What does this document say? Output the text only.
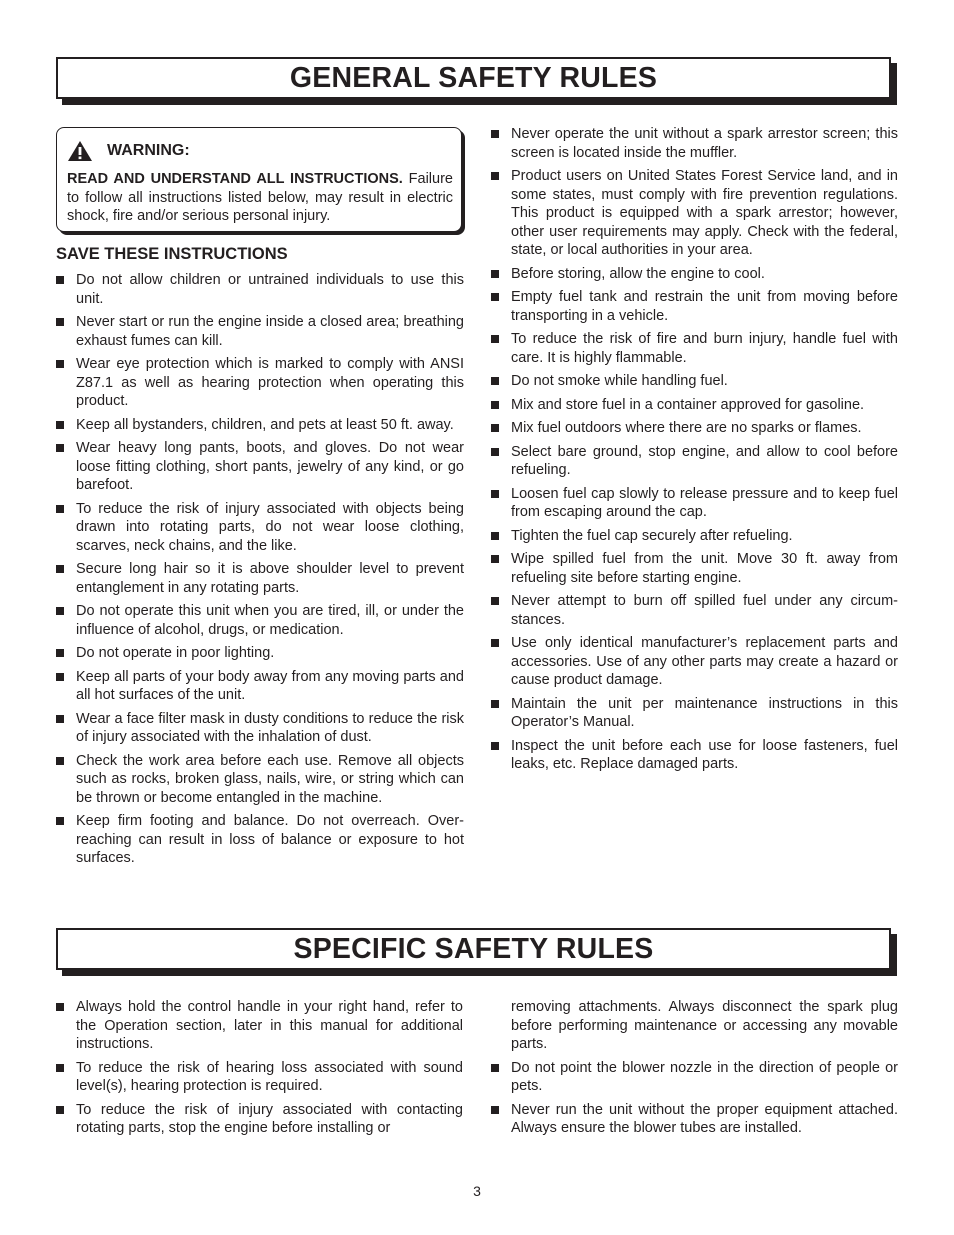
GENERAL SAFETY RULES
WARNING:
READ AND UNDERSTAND ALL INSTRUCTIONS. Failure to follow all instructions listed below, may result in electric shock, fire and/or serious personal injury.
SAVE THESE INSTRUCTIONS
Do not allow children or untrained individuals to use this unit.
Never start or run the engine inside a closed area; breathing exhaust fumes can kill.
Wear eye protection which is marked to comply with ANSI Z87.1 as well as hearing protection when operating this product.
Keep all bystanders, children, and pets at least 50 ft. away.
Wear heavy long pants, boots, and gloves. Do not wear loose fitting clothing, short pants, jewelry of any kind, or go barefoot.
To reduce the risk of injury associated with objects being drawn into rotating parts, do not wear loose clothing, scarves, neck chains, and the like.
Secure long hair so it is above shoulder level to prevent entanglement in any rotating parts.
Do not operate this unit when you are tired, ill, or under the influence of alcohol, drugs, or medication.
Do not operate in poor lighting.
Keep all parts of your body away from any moving parts and all hot surfaces of the unit.
Wear a face filter mask in dusty conditions to reduce the risk of injury associated with the inhalation of dust.
Check the work area before each use. Remove all objects such as rocks, broken glass, nails, wire, or string which can be thrown or become entangled in the machine.
Keep firm footing and balance. Do not overreach. Overreaching can result in loss of balance or exposure to hot surfaces.
Never operate the unit without a spark arrestor screen; this screen is located inside the muffler.
Product users on United States Forest Service land, and in some states, must comply with fire prevention regulations. This product is equipped with a spark arrestor; however, other user requirements may apply. Check with the federal, state, or local authorities in your area.
Before storing, allow the engine to cool.
Empty fuel tank and restrain the unit from moving before transporting in a vehicle.
To reduce the risk of fire and burn injury, handle fuel with care. It is highly flammable.
Do not smoke while handling fuel.
Mix and store fuel in a container approved for gasoline.
Mix fuel outdoors where there are no sparks or flames.
Select bare ground, stop engine, and allow to cool before refueling.
Loosen fuel cap slowly to release pressure and to keep fuel from escaping around the cap.
Tighten the fuel cap securely after refueling.
Wipe spilled fuel from the unit. Move 30 ft. away from refueling site before starting engine.
Never attempt to burn off spilled fuel under any circumstances.
Use only identical manufacturer’s replacement parts and accessories. Use of any other parts may create a hazard or cause product damage.
Maintain the unit per maintenance instructions in this Operator’s Manual.
Inspect the unit before each use for loose fasteners, fuel leaks, etc. Replace damaged parts.
SPECIFIC SAFETY RULES
Always hold the control handle in your right hand, refer to the Operation section, later in this manual for additional instructions.
To reduce the risk of hearing loss associated with sound level(s), hearing protection is required.
To reduce the risk of injury associated with contacting rotating parts, stop the engine before installing or
removing attachments. Always disconnect the spark plug before performing maintenance or accessing any movable parts.
Do not point the blower nozzle in the direction of people or pets.
Never run the unit without the proper equipment attached. Always ensure the blower tubes are installed.
3
